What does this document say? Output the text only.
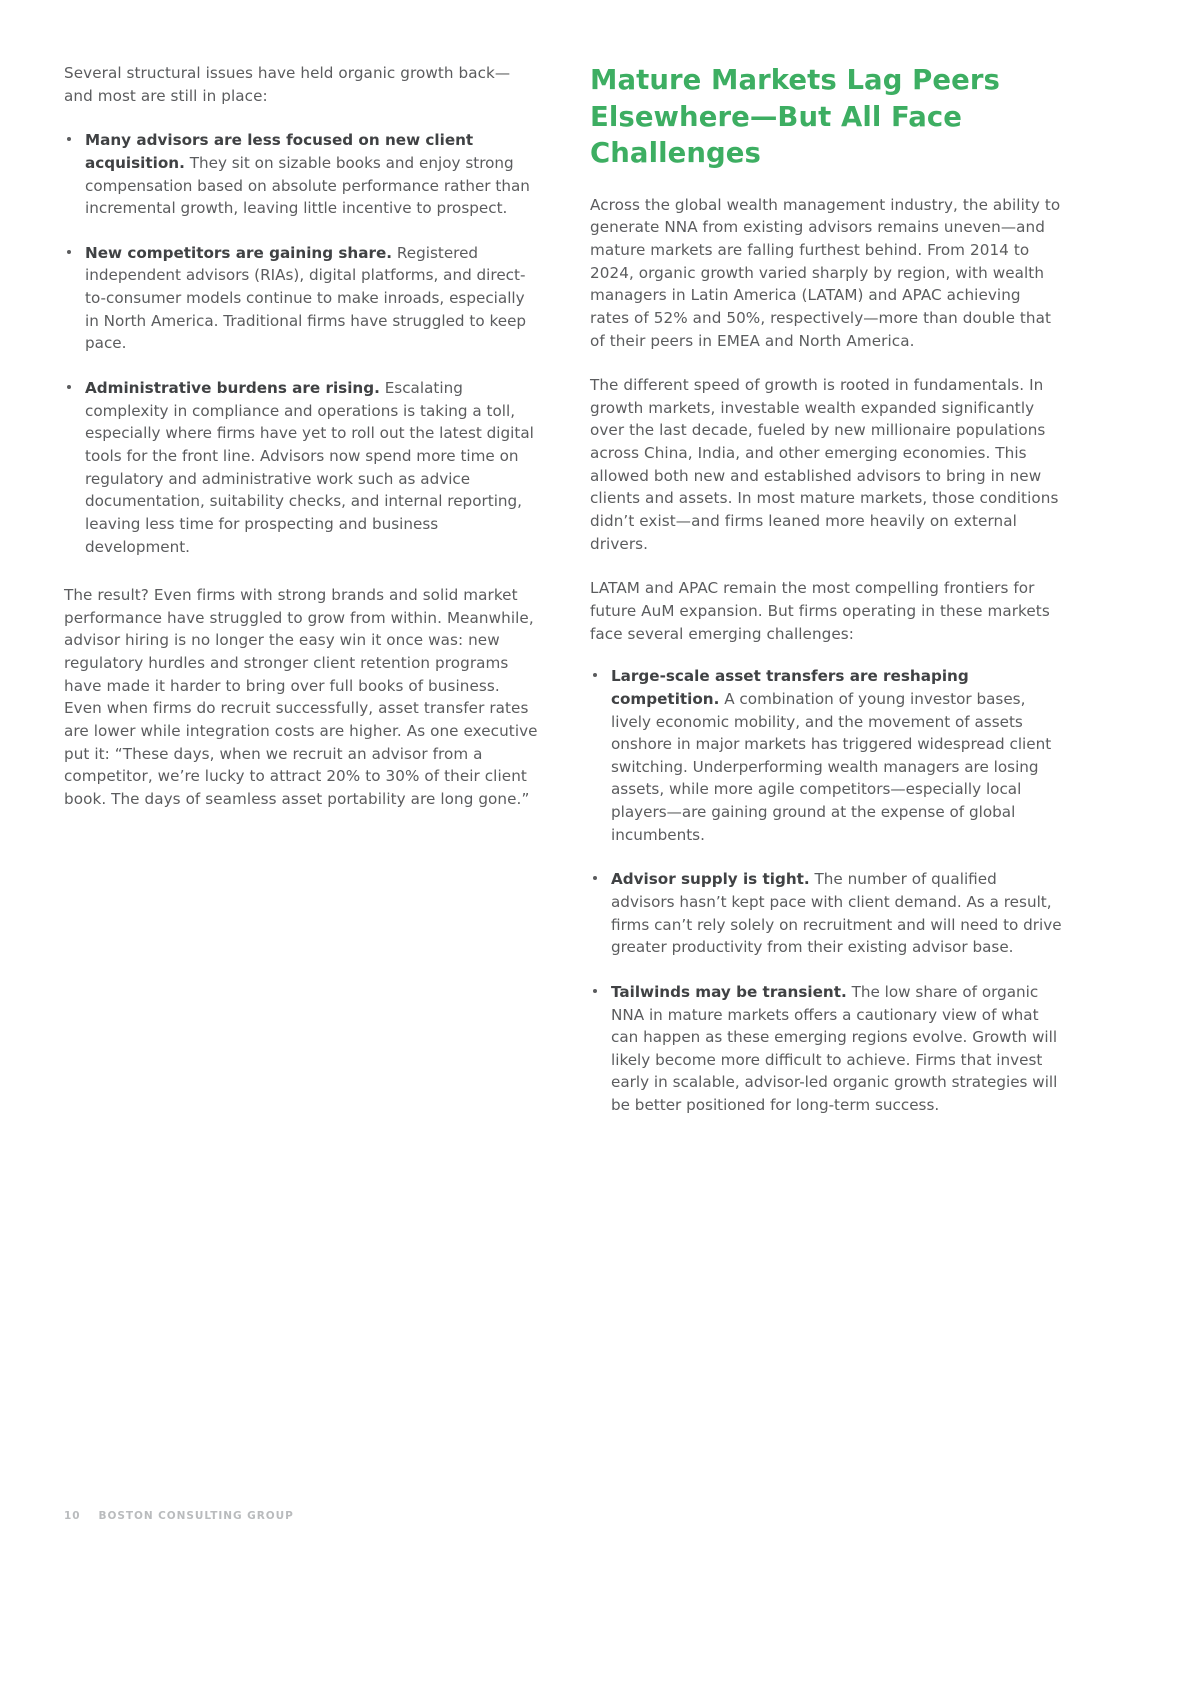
Several structural issues have held organic growth back—and most are still in place:

Many advisors are less focused on new client acquisition. They sit on sizable books and enjoy strong compensation based on absolute performance rather than incremental growth, leaving little incentive to prospect.
New competitors are gaining share. Registered independent advisors (RIAs), digital platforms, and direct-to-consumer models continue to make inroads, especially in North America. Traditional firms have struggled to keep pace.
Administrative burdens are rising. Escalating complexity in compliance and operations is taking a toll, especially where firms have yet to roll out the latest digital tools for the front line. Advisors now spend more time on regulatory and administrative work such as advice documentation, suitability checks, and internal reporting, leaving less time for prospecting and business development.

The result? Even firms with strong brands and solid market performance have struggled to grow from within. Meanwhile, advisor hiring is no longer the easy win it once was: new regulatory hurdles and stronger client retention programs have made it harder to bring over full books of business. Even when firms do recruit successfully, asset transfer rates are lower while integration costs are higher. As one executive put it: “These days, when we recruit an advisor from a competitor, we’re lucky to attract 20% to 30% of their client book. The days of seamless asset portability are long gone.”

Mature Markets Lag Peers Elsewhere—But All Face Challenges

Across the global wealth management industry, the ability to generate NNA from existing advisors remains uneven—and mature markets are falling furthest behind. From 2014 to 2024, organic growth varied sharply by region, with wealth managers in Latin America (LATAM) and APAC achieving rates of 52% and 50%, respectively—more than double that of their peers in EMEA and North America.

The different speed of growth is rooted in fundamentals. In growth markets, investable wealth expanded significantly over the last decade, fueled by new millionaire populations across China, India, and other emerging economies. This allowed both new and established advisors to bring in new clients and assets. In most mature markets, those conditions didn’t exist—and firms leaned more heavily on external drivers.

LATAM and APAC remain the most compelling frontiers for future AuM expansion. But firms operating in these markets face several emerging challenges:

Large-scale asset transfers are reshaping competition. A combination of young investor bases, lively economic mobility, and the movement of assets onshore in major markets has triggered widespread client switching. Underperforming wealth managers are losing assets, while more agile competitors—especially local players—are gaining ground at the expense of global incumbents.
Advisor supply is tight. The number of qualified advisors hasn’t kept pace with client demand. As a result, firms can’t rely solely on recruitment and will need to drive greater productivity from their existing advisor base.
Tailwinds may be transient. The low share of organic NNA in mature markets offers a cautionary view of what can happen as these emerging regions evolve. Growth will likely become more difficult to achieve. Firms that invest early in scalable, advisor-led organic growth strategies will be better positioned for long-term success.
10 BOSTON CONSULTING GROUP
